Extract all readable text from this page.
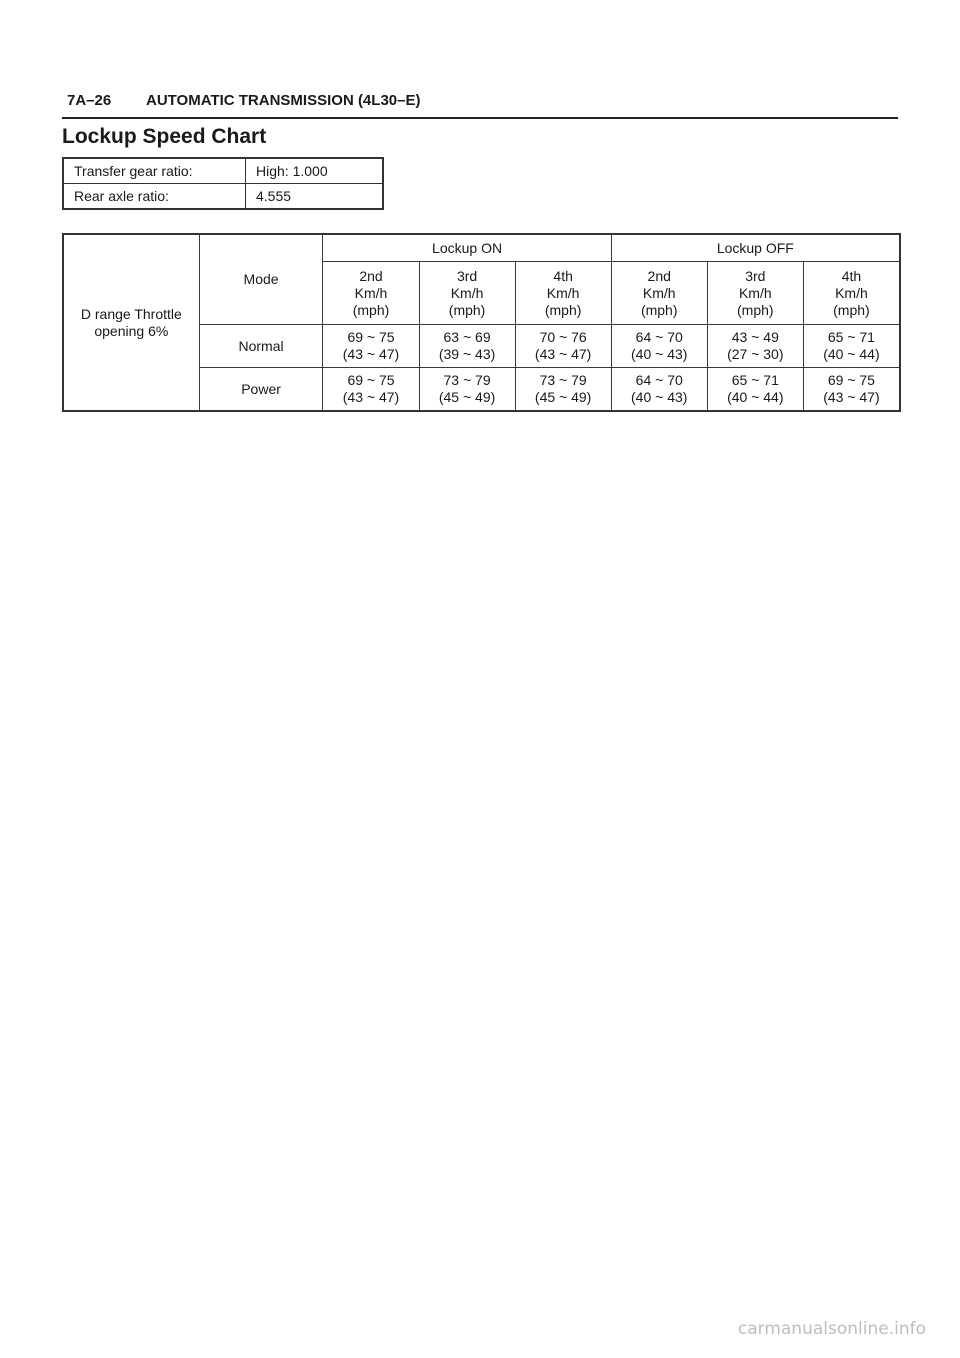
7A–26 AUTOMATIC TRANSMISSION (4L30–E)
Lockup Speed Chart
Transfer gear ratio:	High: 1.000
Rear axle ratio:	4.555
D range Throttle opening 6%	Mode	Lockup ON			Lockup OFF		

		2nd
Km/h
(mph)	3rd
Km/h
(mph)	4th
Km/h
(mph)	2nd
Km/h
(mph)	3rd
Km/h
(mph)	4th
Km/h
(mph)

	Normal	69 ~ 75
(43 ~ 47)	63 ~ 69
(39 ~ 43)	70 ~ 76
(43 ~ 47)	64 ~ 70
(40 ~ 43)	43 ~ 49
(27 ~ 30)	65 ~ 71
(40 ~ 44)

	Power	69 ~ 75
(43 ~ 47)	73 ~ 79
(45 ~ 49)	73 ~ 79
(45 ~ 49)	64 ~ 70
(40 ~ 43)	65 ~ 71
(40 ~ 44)	69 ~ 75
(43 ~ 47)
carmanualsonline.info
